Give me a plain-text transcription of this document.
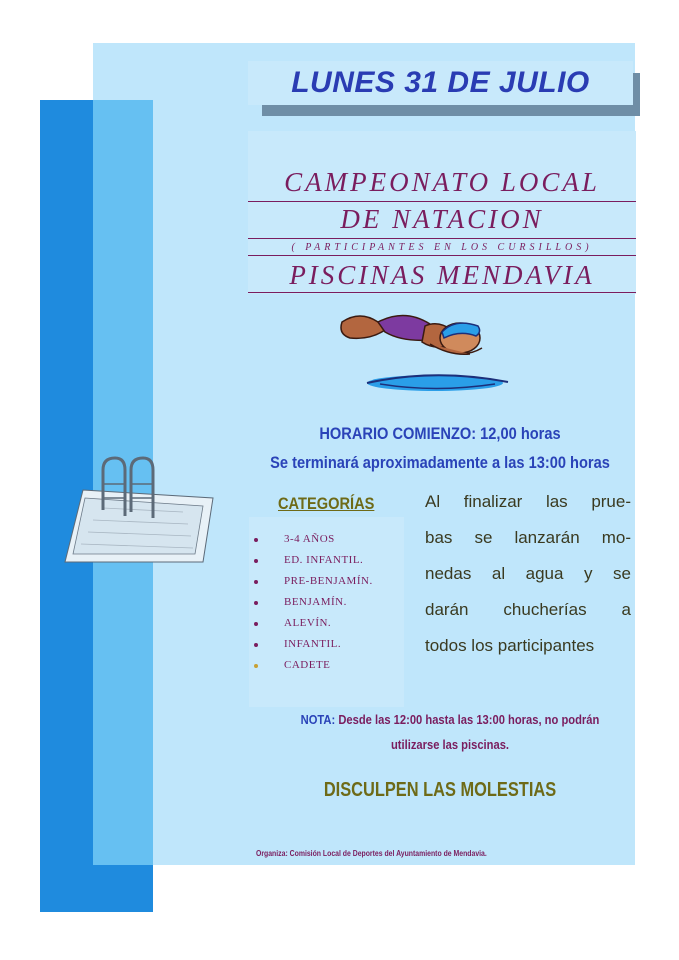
LUNES 31 DE JULIO
CAMPEONATO LOCAL
DE NATACION
( PARTICIPANTES EN LOS CURSILLOS)
PISCINAS MENDAVIA
HORARIO COMIENZO: 12,00 horas
Se terminará aproximadamente a las 13:00 horas
CATEGORÍAS
3-4 AÑOS
ED. INFANTIL.
PRE-BENJAMÍN.
BENJAMÍN.
ALEVÍN.
INFANTIL.
CADETE
Al finalizar las prue-
bas se lanzarán mo-
nedas al agua y se
darán chucherías a
todos los participantes
NOTA: Desde las 12:00 hasta las 13:00 horas, no podrán
utilizarse las piscinas.
DISCULPEN LAS MOLESTIAS
Organiza: Comisión Local de Deportes del Ayuntamiento de Mendavia.
